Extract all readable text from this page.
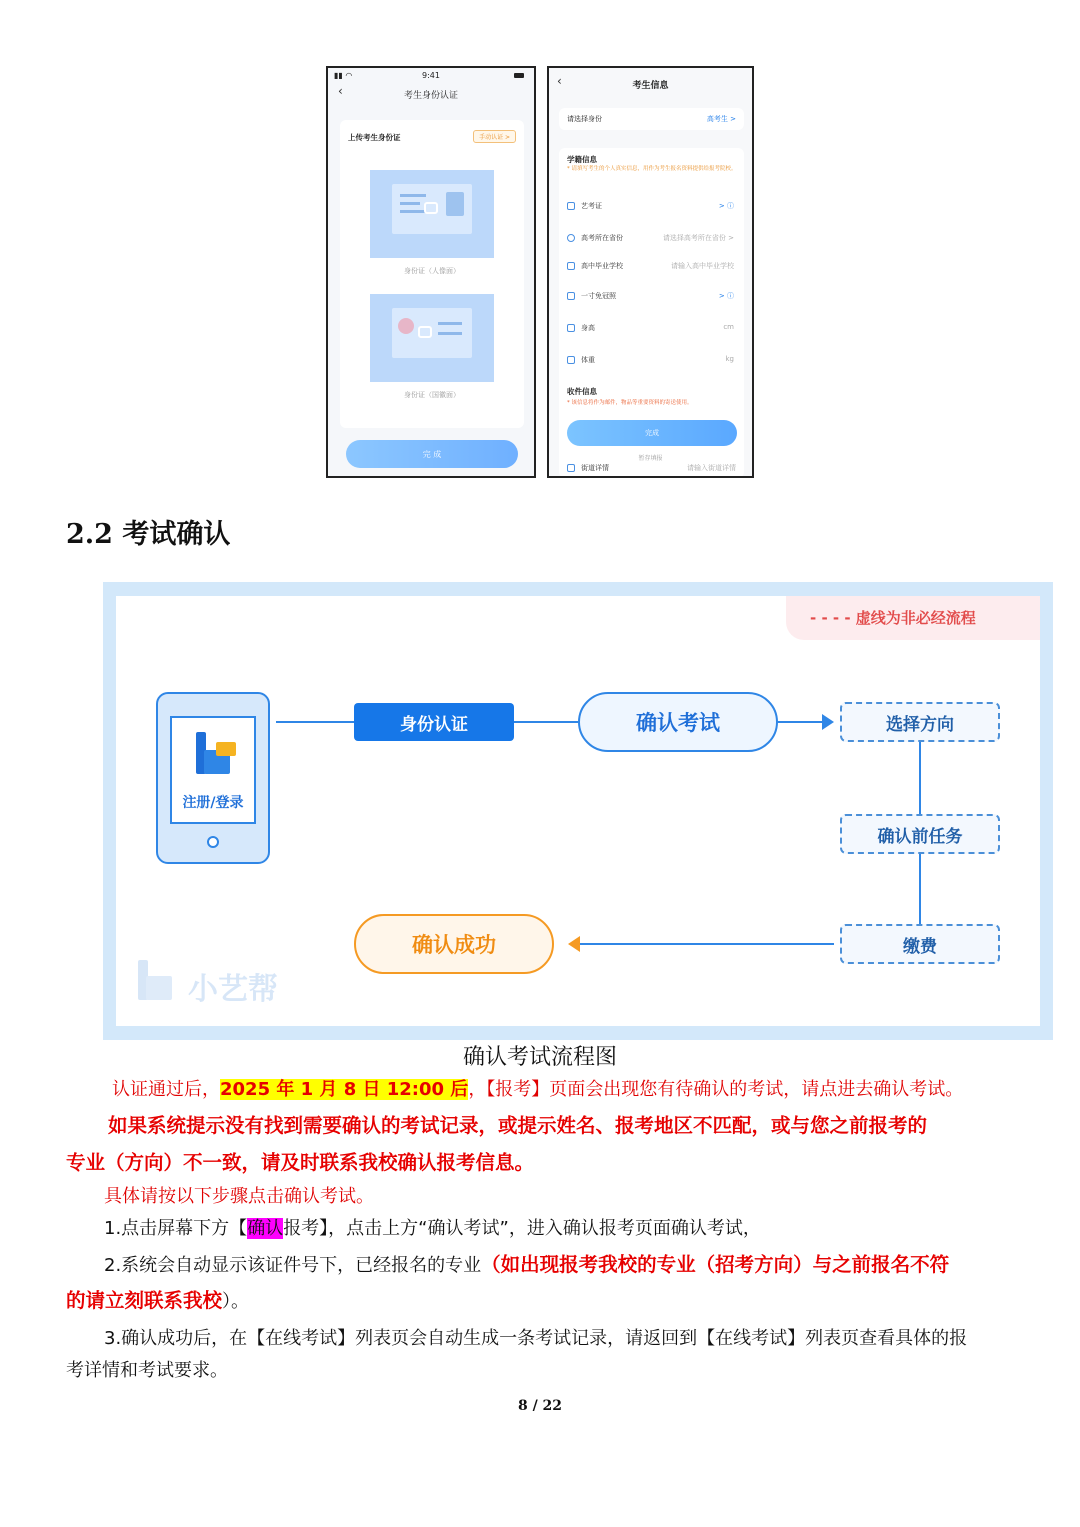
▮▮ ◠	9:41
‹	考生身份认证
上传考生身份证	手动认证 >
身份证（人像面）
身份证（国徽面）
完 成
‹	考生信息
请选择身份	高考生 >
学籍信息
* 请填写考生的个人真实信息，用作为考生报名资料提供给报考院校。
艺考证	> ⓘ
高考所在省份	请选择高考所在省份 >
高中毕业学校	请输入高中毕业学校
一寸免冠照	> ⓘ
身高	cm
体重	kg
收件信息
* 该信息将作为邮件，物品等重要资料的寄送使用。
完成
暂存填报
街道详情	请输入街道详情
2.2 考试确认
- - - - 虚线为非必经流程
注册/登录
身份认证	确认考试	选择方向
确认前任务
缴费
确认成功
小艺帮
确认考试流程图
认证通过后，2025 年 1 月 8 日 12:00 后，【报考】页面会出现您有待确认的考试，请点进去确认考试。
如果系统提示没有找到需要确认的考试记录，或提示姓名、报考地区不匹配，或与您之前报考的
专业（方向）不一致，请及时联系我校确认报考信息。
具体请按以下步骤点击确认考试。
1.点击屏幕下方【确认报考】，点击上方“确认考试”，进入确认报考页面确认考试，
2.系统会自动显示该证件号下，已经报名的专业（如出现报考我校的专业（招考方向）与之前报名不符
的请立刻联系我校）。
3.确认成功后，在【在线考试】列表页会自动生成一条考试记录，请返回到【在线考试】列表页查看具体的报
考详情和考试要求。
8 / 22
